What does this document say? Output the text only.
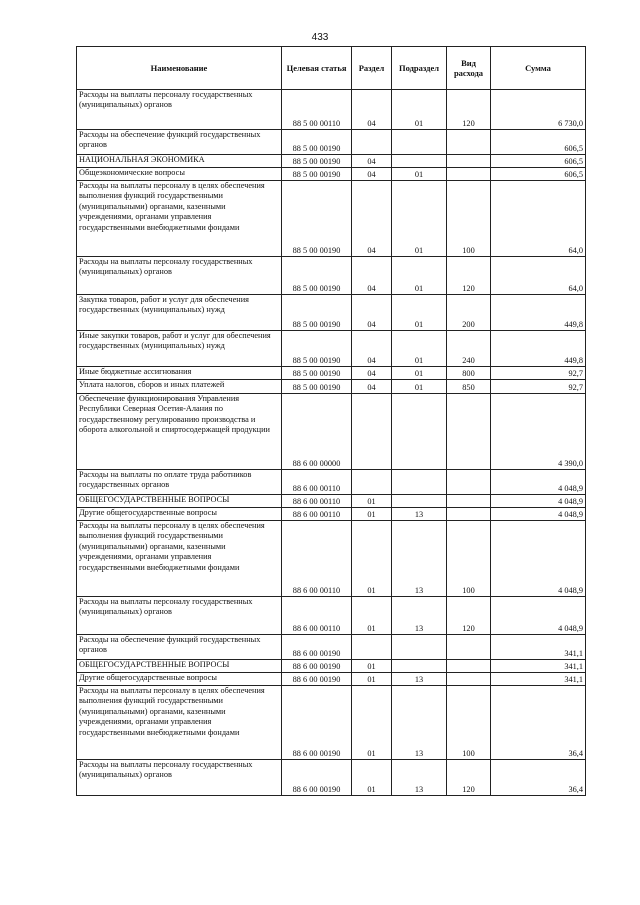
433
Наименование	Целевая статья	Раздел	Подраздел	Вид расхода	Сумма
Расходы на выплаты персоналу государственных (муниципальных) органов	88 5 00 00110	04	01	120	6 730,0
Расходы на обеспечение функций государственных органов	88 5 00 00190				606,5
НАЦИОНАЛЬНАЯ ЭКОНОМИКА	88 5 00 00190	04			606,5
Общеэкономические вопросы	88 5 00 00190	04	01		606,5
Расходы на выплаты персоналу в целях обеспечения выполнения функций государственными (муниципальными) органами, казенными учреждениями, органами управления государственными внебюджетными фондами	88 5 00 00190	04	01	100	64,0
Расходы на выплаты персоналу государственных (муниципальных) органов	88 5 00 00190	04	01	120	64,0
Закупка товаров, работ и услуг для обеспечения государственных (муниципальных) нужд	88 5 00 00190	04	01	200	449,8
Иные закупки товаров, работ и услуг для обеспечения государственных (муниципальных) нужд	88 5 00 00190	04	01	240	449,8
Иные бюджетные ассигнования	88 5 00 00190	04	01	800	92,7
Уплата налогов, сборов и иных платежей	88 5 00 00190	04	01	850	92,7
Обеспечение функционирования Управления Республики Северная Осетия-Алания по государственному регулированию производства и оборота алкогольной и спиртосодержащей продукции	88 6 00 00000				4 390,0
Расходы на выплаты по оплате труда работников государственных органов	88 6 00 00110				4 048,9
ОБЩЕГОСУДАРСТВЕННЫЕ ВОПРОСЫ	88 6 00 00110	01			4 048,9
Другие общегосударственные вопросы	88 6 00 00110	01	13		4 048,9
Расходы на выплаты персоналу в целях обеспечения выполнения функций государственными (муниципальными) органами, казенными учреждениями, органами управления государственными внебюджетными фондами	88 6 00 00110	01	13	100	4 048,9
Расходы на выплаты персоналу государственных (муниципальных) органов	88 6 00 00110	01	13	120	4 048,9
Расходы на обеспечение функций государственных органов	88 6 00 00190				341,1
ОБЩЕГОСУДАРСТВЕННЫЕ ВОПРОСЫ	88 6 00 00190	01			341,1
Другие общегосударственные вопросы	88 6 00 00190	01	13		341,1
Расходы на выплаты персоналу в целях обеспечения выполнения функций государственными (муниципальными) органами, казенными учреждениями, органами управления государственными внебюджетными фондами	88 6 00 00190	01	13	100	36,4
Расходы на выплаты персоналу государственных (муниципальных) органов	88 6 00 00190	01	13	120	36,4
